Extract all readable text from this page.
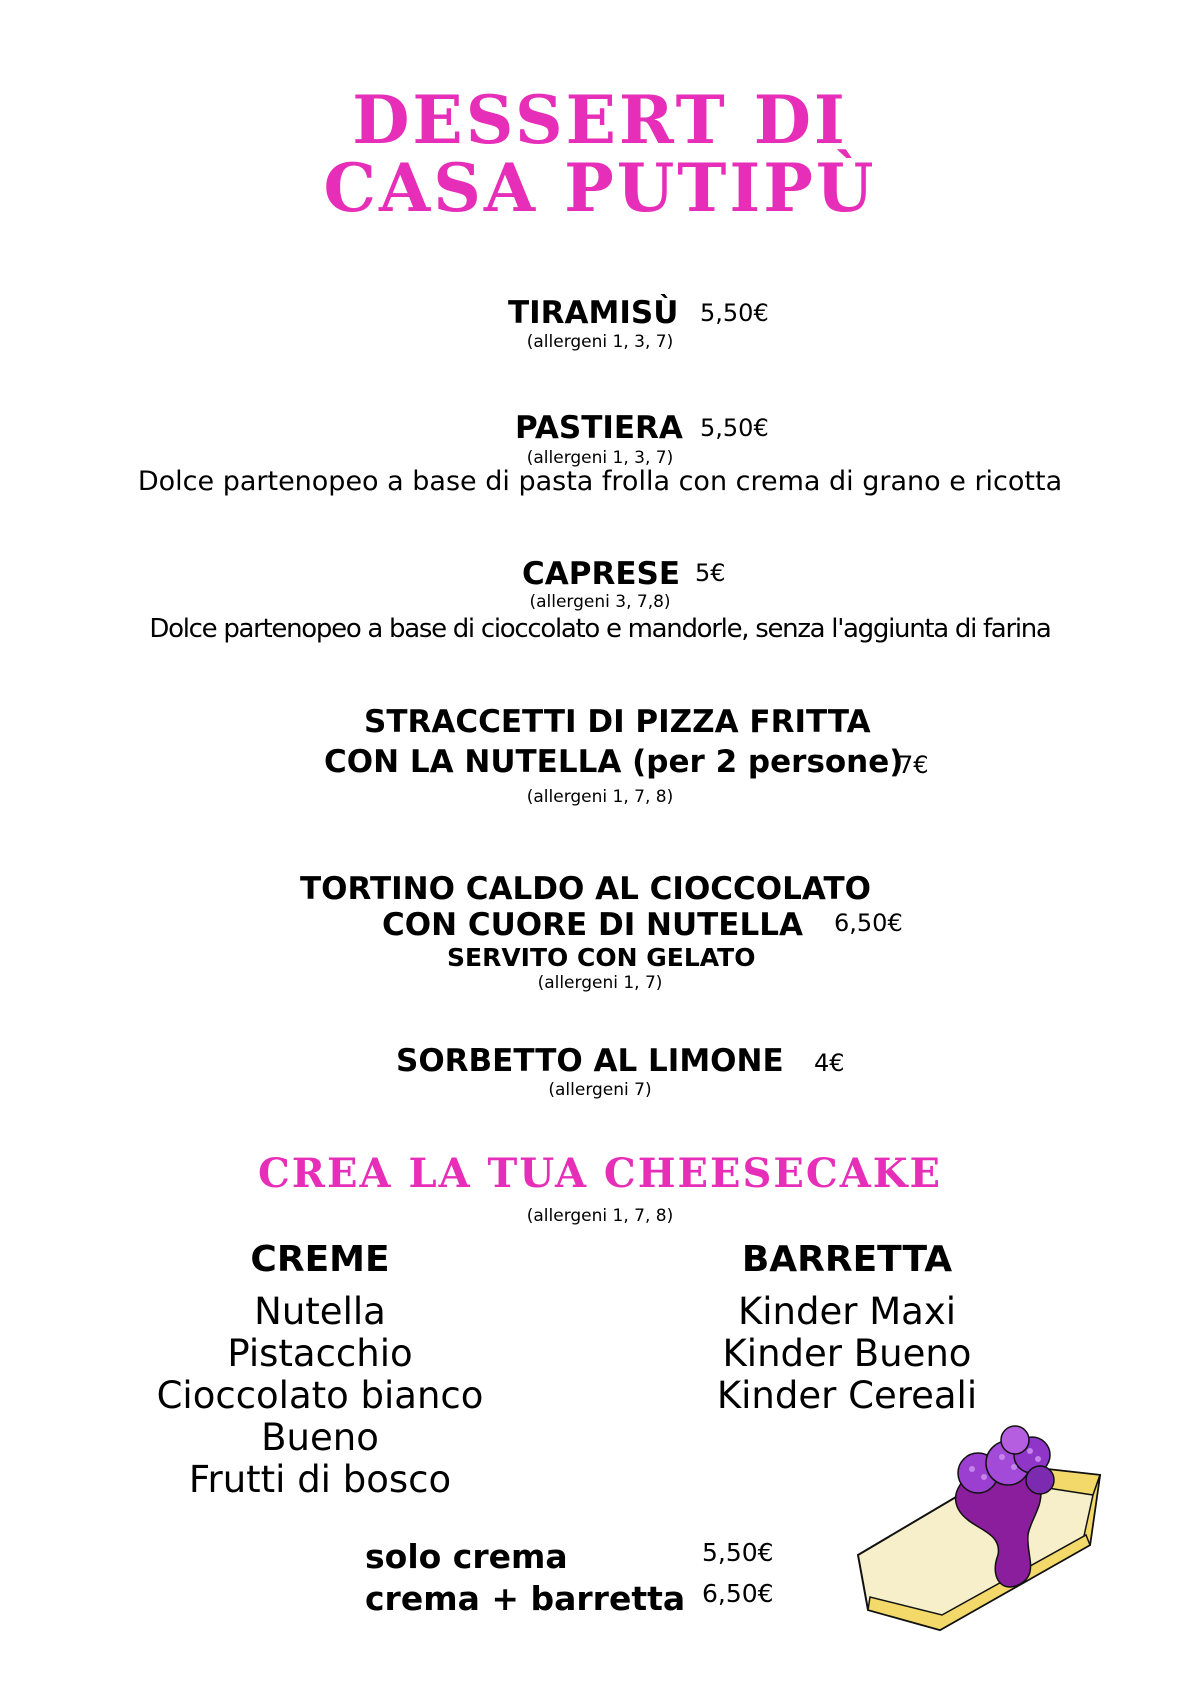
DESSERT DI
CASA PUTIPÙ
TIRAMISÙ 5,50€
(allergeni 1, 3, 7)
PASTIERA 5,50€
(allergeni 1, 3, 7)
Dolce partenopeo a base di pasta frolla con crema di grano e ricotta
CAPRESE 5€
(allergeni 3, 7,8)
Dolce partenopeo a base di cioccolato e mandorle, senza l'aggiunta di farina
STRACCETTI DI PIZZA FRITTA
CON LA NUTELLA (per 2 persone)
7€
(allergeni 1, 7, 8)
TORTINO CALDO AL CIOCCOLATO
CON CUORE DI NUTELLA 6,50€
SERVITO CON GELATO
(allergeni 1, 7)
SORBETTO AL LIMONE 4€
(allergeni 7)
CREA LA TUA CHEESECAKE
(allergeni 1, 7, 8)
CREME
Nutella
Pistacchio
Cioccolato bianco
Bueno
Frutti di bosco
BARRETTA
Kinder Maxi
Kinder Bueno
Kinder Cereali
solo crema	5,50€
crema + barretta 6,50€
